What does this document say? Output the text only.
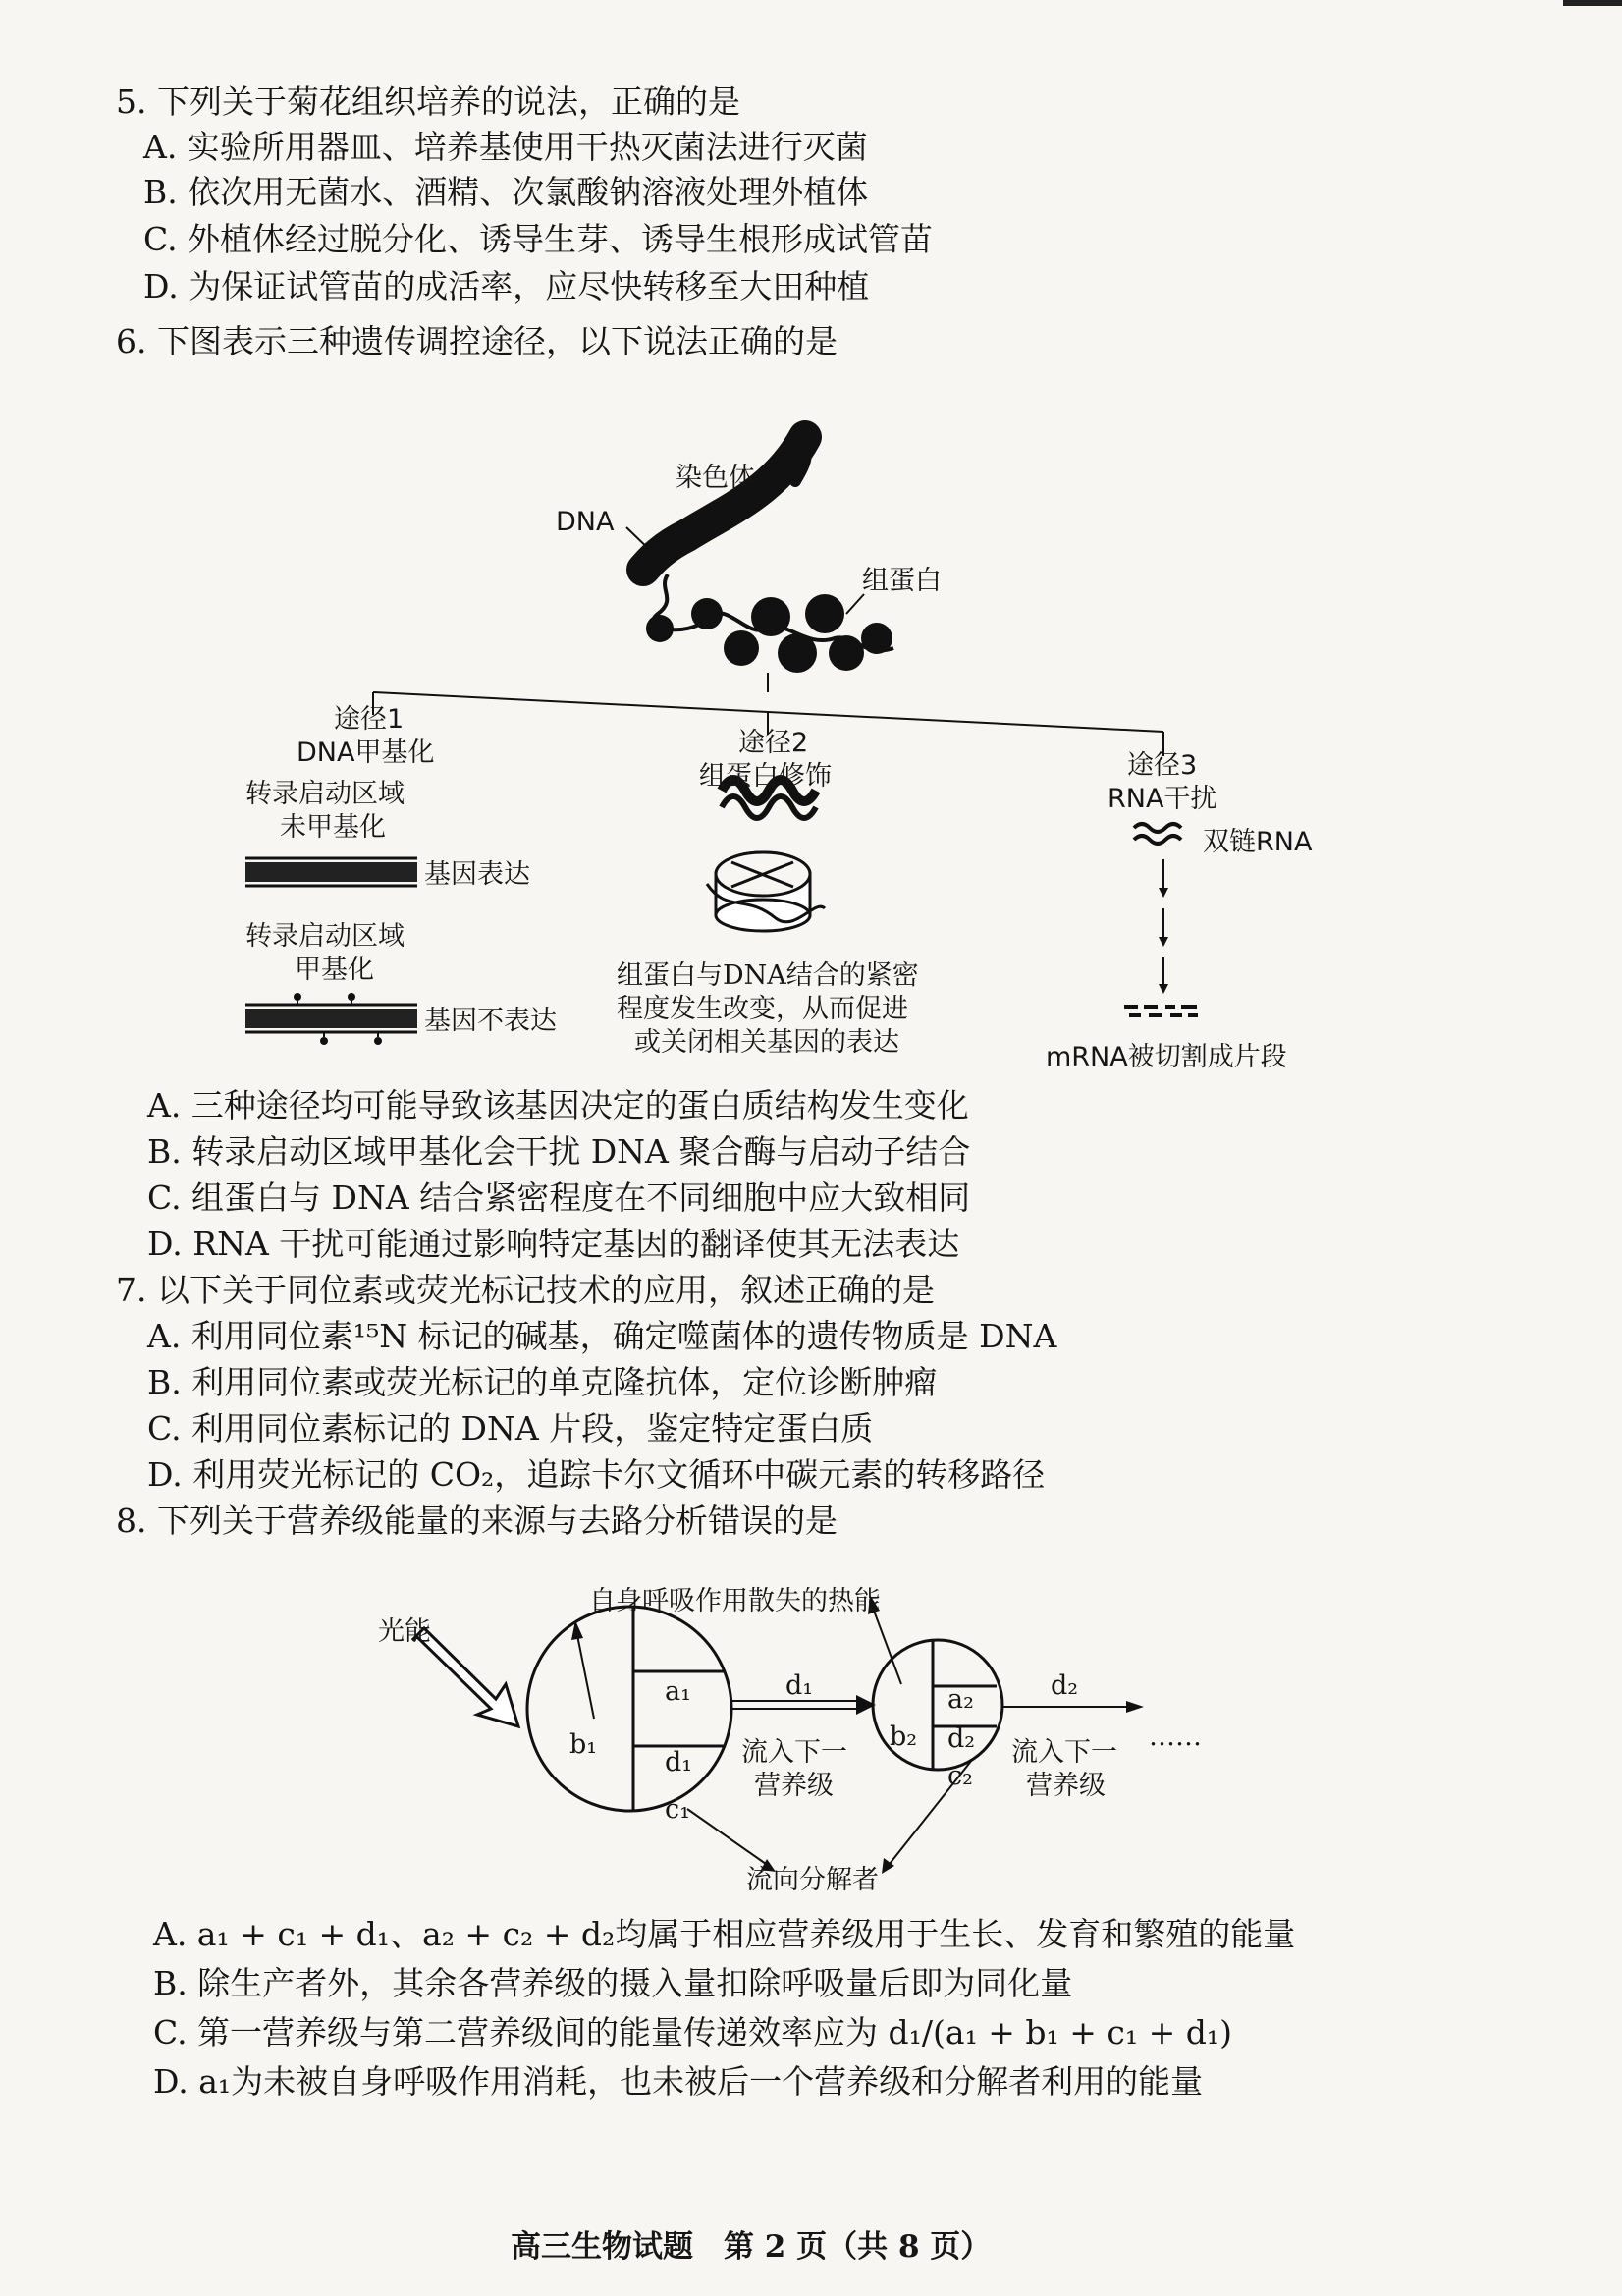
5. 下列关于菊花组织培养的说法，正确的是
A. 实验所用器皿、培养基使用干热灭菌法进行灭菌
B. 依次用无菌水、酒精、次氯酸钠溶液处理外植体
C. 外植体经过脱分化、诱导生芽、诱导生根形成试管苗
D. 为保证试管苗的成活率，应尽快转移至大田种植
6. 下图表示三种遗传调控途径，以下说法正确的是
染色体
DNA
组蛋白
途径1
DNA甲基化
转录启动区域
未甲基化
基因表达
转录启动区域
甲基化
基因不表达
途径2
组蛋白修饰
组蛋白与DNA结合的紧密
程度发生改变，从而促进
或关闭相关基因的表达
途径3
RNA干扰
双链RNA
mRNA被切割成片段
A. 三种途径均可能导致该基因决定的蛋白质结构发生变化
B. 转录启动区域甲基化会干扰 DNA 聚合酶与启动子结合
C. 组蛋白与 DNA 结合紧密程度在不同细胞中应大致相同
D. RNA 干扰可能通过影响特定基因的翻译使其无法表达
7. 以下关于同位素或荧光标记技术的应用，叙述正确的是
A. 利用同位素¹⁵N 标记的碱基，确定噬菌体的遗传物质是 DNA
B. 利用同位素或荧光标记的单克隆抗体，定位诊断肿瘤
C. 利用同位素标记的 DNA 片段，鉴定特定蛋白质
D. 利用荧光标记的 CO₂，追踪卡尔文循环中碳元素的转移路径
8. 下列关于营养级能量的来源与去路分析错误的是
自身呼吸作用散失的热能
光能
b₁
a₁
d₁
c₁
d₁
流入下一
营养级
b₂
a₂
d₂
c₂
d₂
流入下一
营养级
……
流向分解者
A. a₁ + c₁ + d₁、a₂ + c₂ + d₂均属于相应营养级用于生长、发育和繁殖的能量
B. 除生产者外，其余各营养级的摄入量扣除呼吸量后即为同化量
C. 第一营养级与第二营养级间的能量传递效率应为 d₁/(a₁ + b₁ + c₁ + d₁)
D. a₁为未被自身呼吸作用消耗，也未被后一个营养级和分解者利用的能量
高三生物试题　第 2 页（共 8 页）
